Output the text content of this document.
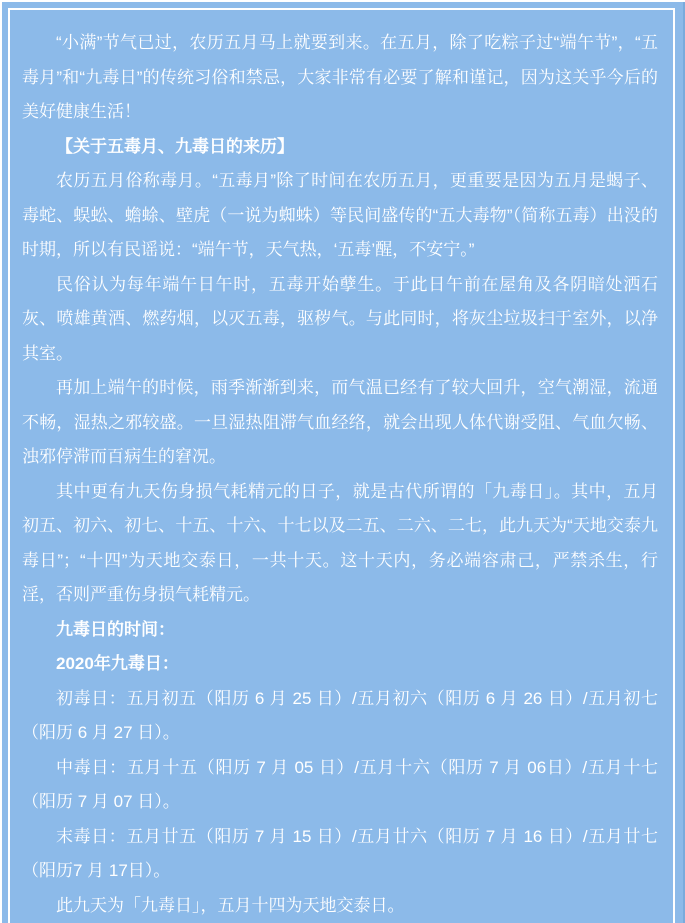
“小满”节气已过，农历五月马上就要到来。在五月，除了吃粽子过“端午节”，“五毒月”和“九毒日”的传统习俗和禁忌，大家非常有必要了解和谨记，因为这关乎今后的美好健康生活！

【关于五毒月、九毒日的来历】

农历五月俗称毒月。“五毒月”除了时间在农历五月，更重要是因为五月是蝎子、毒蛇、蜈蚣、蟾蜍、壁虎（一说为蜘蛛）等民间盛传的“五大毒物”（简称五毒）出没的时期，所以有民谣说：“端午节，天气热，‘五毒’醒，不安宁。”

民俗认为每年端午日午时，五毒开始孽生。于此日午前在屋角及各阴暗处洒石灰、喷雄黄酒、燃药烟，以灭五毒，驱秽气。与此同时，将灰尘垃圾扫于室外，以净其室。

再加上端午的时候，雨季渐渐到来，而气温已经有了较大回升，空气潮湿，流通不畅，湿热之邪较盛。一旦湿热阻滞气血经络，就会出现人体代谢受阻、气血欠畅、浊邪停滞而百病生的窘况。

其中更有九天伤身损气耗精元的日子，就是古代所谓的「九毒日」。其中，五月初五、初六、初七、十五、十六、十七以及二五、二六、二七，此九天为“天地交泰九毒日”；“十四”为天地交泰日，一共十天。这十天内，务必端容肃己，严禁杀生，行淫，否则严重伤身损气耗精元。

九毒日的时间：

2020年九毒日：

初毒日：五月初五（阳历 6 月 25 日）/五月初六（阳历 6 月 26 日）/五月初七（阳历 6 月 27 日）。

中毒日：五月十五（阳历 7 月 05 日）/五月十六（阳历 7 月 06日）/五月十七（阳历 7 月 07 日）。

末毒日：五月廿五（阳历 7 月 15 日）/五月廿六（阳历 7 月 16 日）/五月廿七（阳历7 月 17日）。

此九天为「九毒日」，五月十四为天地交泰日。
